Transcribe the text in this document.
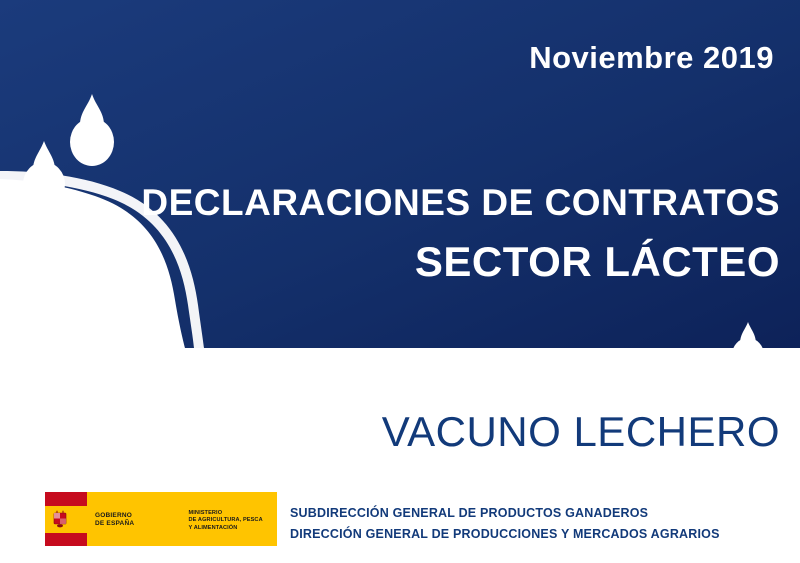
Noviembre 2019
DECLARACIONES DE CONTRATOS
SECTOR LÁCTEO
VACUNO LECHERO
SUBDIRECCIÓN GENERAL DE PRODUCTOS GANADEROS
DIRECCIÓN GENERAL DE PRODUCCIONES Y MERCADOS AGRARIOS
GOBIERNO
DE ESPAÑA
MINISTERIO
DE AGRICULTURA, PESCA
Y ALIMENTACIÓN
